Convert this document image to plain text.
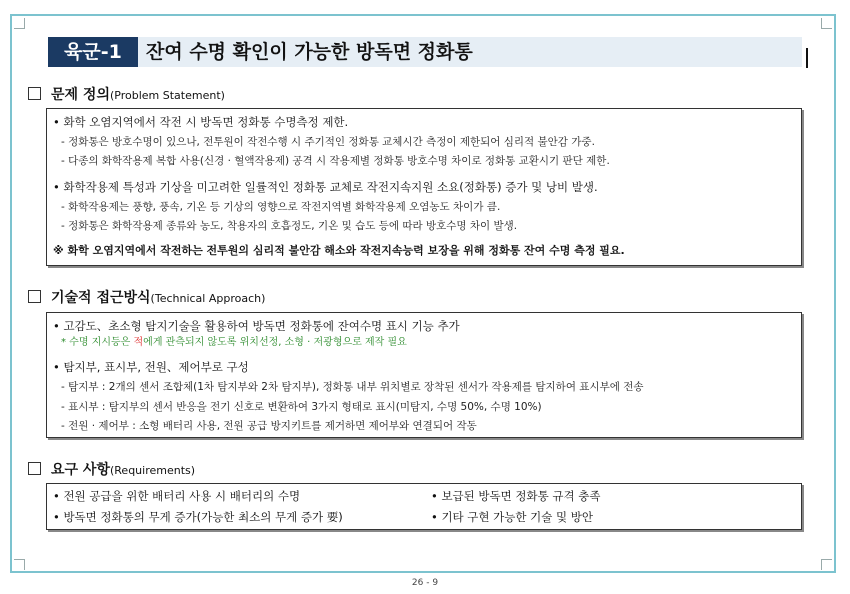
육군-1	잔여 수명 확인이 가능한 방독면 정화통
문제 정의(Problem Statement)
• 화학 오염지역에서 작전 시 방독면 정화통 수명측정 제한.
- 정화통은 방호수명이 있으나, 전투원이 작전수행 시 주기적인 정화통 교체시간 측정이 제한되어 심리적 불안감 가중.
- 다종의 화학작용제 복합 사용(신경 · 혈액작용제) 공격 시 작용제별 정화통 방호수명 차이로 정화통 교환시기 판단 제한.
• 화학작용제 특성과 기상을 미고려한 일률적인 정화통 교체로 작전지속지원 소요(정화통) 증가 및 낭비 발생.
- 화학작용제는 풍향, 풍속, 기온 등 기상의 영향으로 작전지역별 화학작용제 오염농도 차이가 큼.
- 정화통은 화학작용제 종류와 농도, 착용자의 호흡정도, 기온 및 습도 등에 따라 방호수명 차이 발생.
※ 화학 오염지역에서 작전하는 전투원의 심리적 불안감 해소와 작전지속능력 보장을 위해 정화통 잔여 수명 측정 필요.
기술적 접근방식(Technical Approach)
• 고감도、초소형 탐지기술을 활용하여 방독면 정화통에 잔여수명 표시 기능 추가
* 수명 지시등은 적에게 관측되지 않도록 위치선정, 소형 · 저광형으로 제작 필요
• 탐지부, 표시부, 전원、제어부로 구성
- 탐지부 : 2개의 센서 조합체(1차 탐지부와 2차 탐지부), 정화통 내부 위치별로 장착된 센서가 작용제를 탐지하여 표시부에 전송
- 표시부 : 탐지부의 센서 반응을 전기 신호로 변환하여 3가지 형태로 표시(미탐지, 수명 50%, 수명 10%)
- 전원 · 제어부 : 소형 배터리 사용, 전원 공급 방지키트를 제거하면 제어부와 연결되어 작동
요구 사항(Requirements)
• 전원 공급을 위한 배터리 사용 시 배터리의 수명	• 보급된 방독면 정화통 규격 충족
• 방독면 정화통의 무게 증가(가능한 최소의 무게 증가 要)	• 기타 구현 가능한 기술 및 방안
26 - 9
